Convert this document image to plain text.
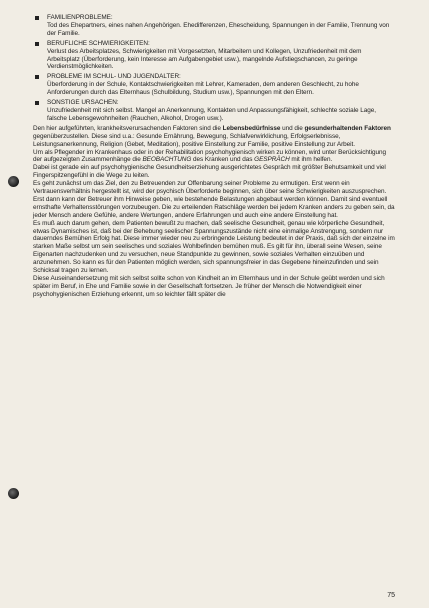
FAMILIENPROBLEME:
Tod des Ehepartners, eines nahen Angehörigen. Ehedifferenzen, Ehescheidung, Spannungen in der Familie, Trennung von der Familie.
BERUFLICHE SCHWIERIGKEITEN:
Verlust des Arbeitsplatzes, Schwierigkeiten mit Vorgesetzten, Mitarbeitern und Kollegen, Unzufriedenheit mit dem Arbeitsplatz (Überforderung, kein Interesse am Aufgabengebiet usw.), mangelnde Aufstiegschancen, zu geringe Verdienstmöglichkeiten.
PROBLEME IM SCHUL- UND JUGENDALTER:
Überforderung in der Schule, Kontaktschwierigkeiten mit Lehrer, Kameraden, dem anderen Geschlecht, zu hohe Anforderungen durch das Elternhaus (Schulbildung, Studium usw.), Spannungen mit den Eltern.
SONSTIGE URSACHEN:
Unzufriedenheit mit sich selbst. Mangel an Anerkennung, Kontakten und Anpassungsfähigkeit, schlechte soziale Lage, falsche Lebensgewohnheiten (Rauchen, Alkohol, Drogen usw.).

Den hier aufgeführten, krankheitsverursachenden Faktoren sind die Lebensbedürfnisse und die gesunderhaltenden Faktoren gegenüberzustellen. Diese sind u.a.: Gesunde Ernährung, Bewegung, Schlafverwirklichung, Erfolgserlebnisse, Leistungsanerkennung, Religion (Gebet, Meditation), positive Einstellung zur Familie, positive Einstellung zur Arbeit.

Um als Pflegender im Krankenhaus oder in der Rehabilitation psychohygienisch wirken zu können, wird unter Berücksichtigung der aufgezeigten Zusammenhänge die BEOBACHTUNG des Kranken und das GESPRÄCH mit ihm helfen.

Dabei ist gerade ein auf psychohygienische Gesundheitserziehung ausgerichtetes Gespräch mit größter Behutsamkeit und viel Fingerspitzengefühl in die Wege zu leiten.

Es geht zunächst um das Ziel, den zu Betreuenden zur Offenbarung seiner Probleme zu ermutigen. Erst wenn ein Vertrauensverhältnis hergestellt ist, wird der psychisch Überforderte beginnen, sich über seine Schwierigkeiten auszusprechen. Erst dann kann der Betreuer ihm Hinweise geben, wie bestehende Belastungen abgebaut werden können. Damit sind eventuell ernsthafte Verhaltensstörungen vorzubeugen. Die zu erteilenden Ratschläge werden bei jedem Kranken anders zu geben sein, da jeder Mensch andere Gefühle, andere Wertungen, andere Erfahrungen und auch eine andere Einstellung hat.

Es muß auch darum gehen, dem Patienten bewußt zu machen, daß seelische Gesundheit, genau wie körperliche Gesundheit, etwas Dynamisches ist, daß bei der Behebung seelischer Spannungszustände nicht eine einmalige Anstrengung, sondern nur dauerndes Bemühen Erfolg hat. Diese immer wieder neu zu erbringende Leistung bedeutet in der Praxis, daß sich der einzelne im starken Maße selbst um sein seelisches und soziales Wohlbefinden bemühen muß. Es gilt für ihn, überall seine Wesen, seine Eigenarten nachzudenken und zu versuchen, neue Standpunkte zu gewinnen, sowie soziales Verhalten einzuüben und anzunehmen. So kann es für den Patienten möglich werden, sich spannungsfreier in das Gegebene hineinzufinden und sein Schicksal tragen zu lernen.

Diese Auseinandersetzung mit sich selbst sollte schon von Kindheit an im Elternhaus und in der Schule geübt werden und sich später im Beruf, in Ehe und Familie sowie in der Gesellschaft fortsetzen. Je früher der Mensch die Notwendigkeit einer psychohygienischen Erziehung erkennt, um so leichter fällt später die

75
